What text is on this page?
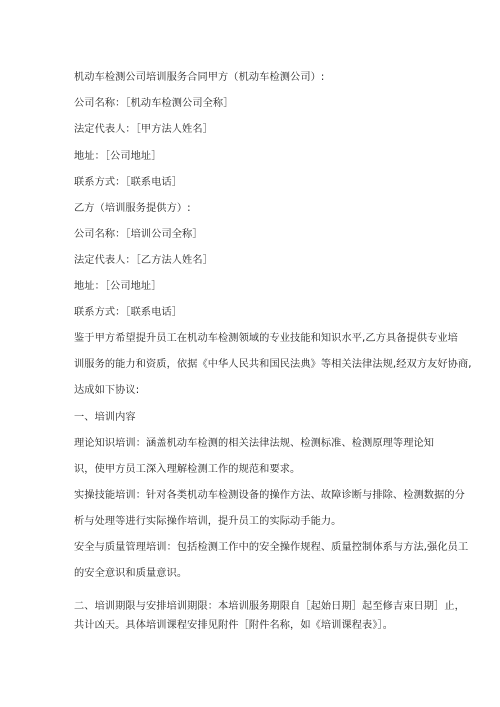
机动车检测公司培训服务合同甲方（机动车检测公司）:
公司名称：［机动车检测公司全称］
法定代表人：［甲方法人姓名］
地址：［公司地址］
联系方式：［联系电话］
乙方（培训服务提供方）:
公司名称：［培训公司全称］
法定代表人：［乙方法人姓名］
地址：［公司地址］
联系方式：［联系电话］
鉴于甲方希望提升员工在机动车检测领域的专业技能和知识水平,乙方具备提供专业培
训服务的能力和资质，依据《中华人民共和国民法典》等相关法律法规,经双方友好协商,
达成如下协议:
一、培训内容
理论知识培训：涵盖机动车检测的相关法律法规、检测标准、检测原理等理论知
识，使甲方员工深入理解检测工作的规范和要求。
实操技能培训：针对各类机动车检测设备的操作方法、故障诊断与排除、检测数据的分
析与处理等进行实际操作培训，提升员工的实际动手能力。
安全与质量管理培训：包括检测工作中的安全操作规程、质量控制体系与方法,强化员工
的安全意识和质量意识。
二、培训期限与安排培训期限：本培训服务期限自［起始日期］起至修吉束日期］止，
共计凶天。具体培训课程安排见附件［附件名称，如《培训课程表》］。
